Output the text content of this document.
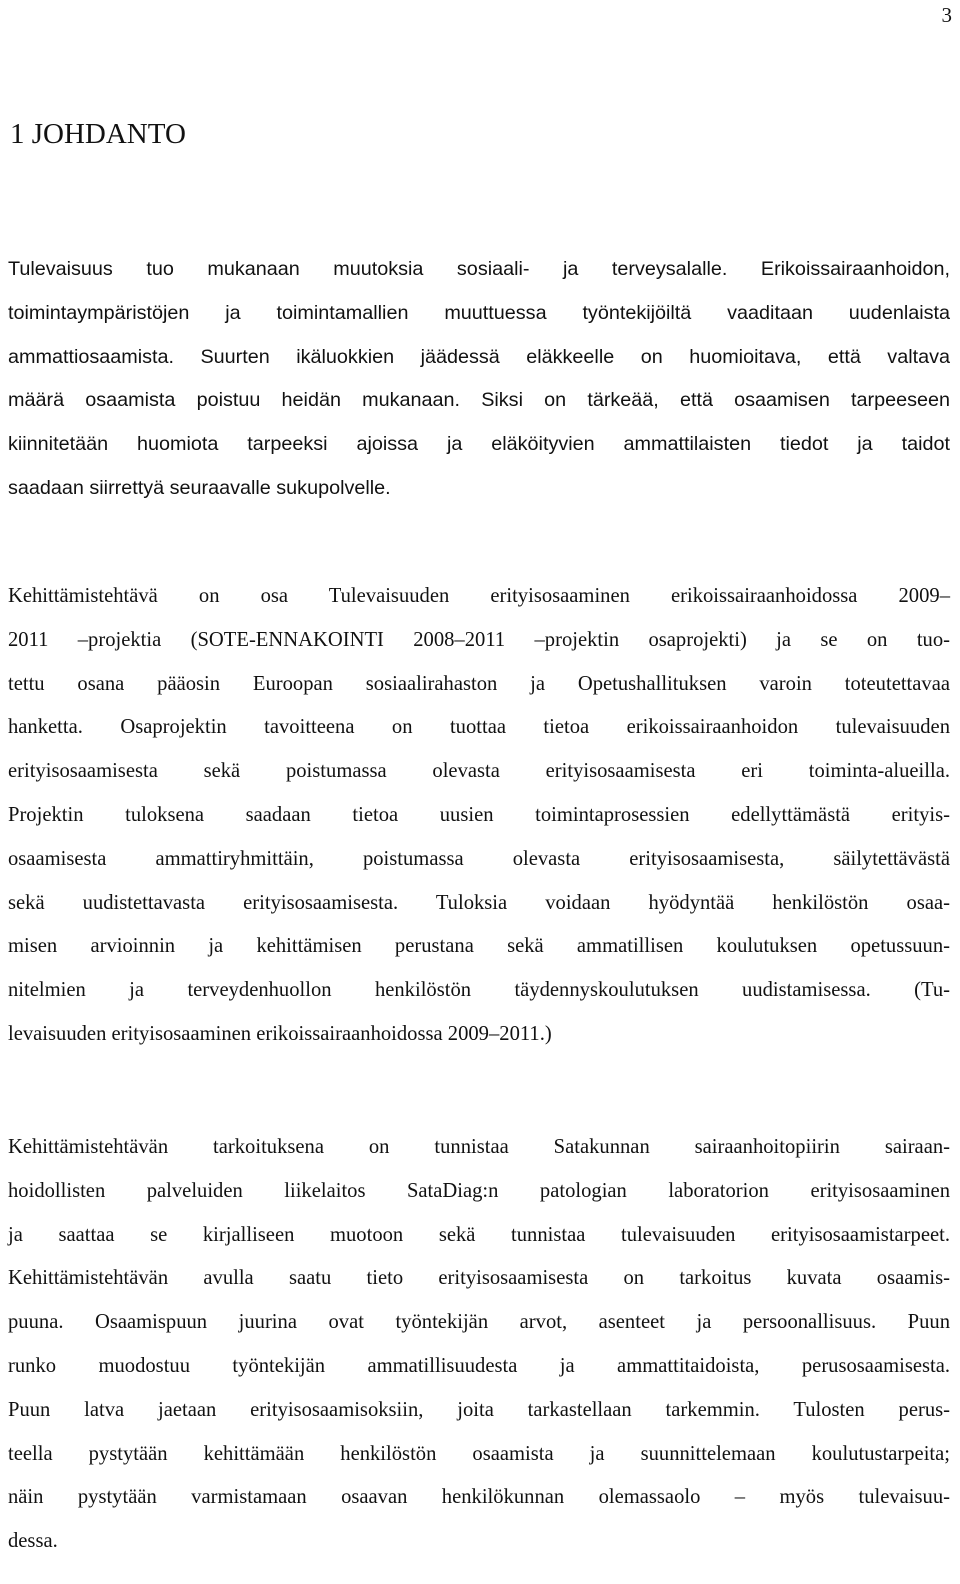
3
1 JOHDANTO

Tulevaisuus tuo mukanaan muutoksia sosiaali- ja terveysalalle. Erikoissairaanhoidon,
toimintaympäristöjen ja toimintamallien muuttuessa työntekijöiltä vaaditaan uudenlaista
ammattiosaamista. Suurten ikäluokkien jäädessä eläkkeelle on huomioitava, että valtava
määrä osaamista poistuu heidän mukanaan. Siksi on tärkeää, että osaamisen tarpeeseen
kiinnitetään huomiota tarpeeksi ajoissa ja eläköityvien ammattilaisten tiedot ja taidot
saadaan siirrettyä seuraavalle sukupolvelle.

Kehittämistehtävä on osa Tulevaisuuden erityisosaaminen erikoissairaanhoidossa 2009–
2011 –projektia (SOTE-ENNAKOINTI 2008–2011 –projektin osaprojekti) ja se on tuo-
tettu osana pääosin Euroopan sosiaalirahaston ja Opetushallituksen varoin toteutettavaa
hanketta. Osaprojektin tavoitteena on tuottaa tietoa erikoissairaanhoidon tulevaisuuden
erityisosaamisesta sekä poistumassa olevasta erityisosaamisesta eri toiminta-alueilla.
Projektin tuloksena saadaan tietoa uusien toimintaprosessien edellyttämästä erityis-
osaamisesta ammattiryhmittäin, poistumassa olevasta erityisosaamisesta, säilytettävästä
sekä uudistettavasta erityisosaamisesta. Tuloksia voidaan hyödyntää henkilöstön osaa-
misen arvioinnin ja kehittämisen perustana sekä ammatillisen koulutuksen opetussuun-
nitelmien ja terveydenhuollon henkilöstön täydennyskoulutuksen uudistamisessa. (Tu-
levaisuuden erityisosaaminen erikoissairaanhoidossa 2009–2011.)

Kehittämistehtävän tarkoituksena on tunnistaa Satakunnan sairaanhoitopiirin sairaan-
hoidollisten palveluiden liikelaitos SataDiag:n patologian laboratorion erityisosaaminen
ja saattaa se kirjalliseen muotoon sekä tunnistaa tulevaisuuden erityisosaamistarpeet.
Kehittämistehtävän avulla saatu tieto erityisosaamisesta on tarkoitus kuvata osaamis-
puuna. Osaamispuun juurina ovat työntekijän arvot, asenteet ja persoonallisuus. Puun
runko muodostuu työntekijän ammatillisuudesta ja ammattitaidoista, perusosaamisesta.
Puun latva jaetaan erityisosaamisoksiin, joita tarkastellaan tarkemmin. Tulosten perus-
teella pystytään kehittämään henkilöstön osaamista ja suunnittelemaan koulutustarpeita;
näin pystytään varmistamaan osaavan henkilökunnan olemassaolo – myös tulevaisuu-
dessa.
